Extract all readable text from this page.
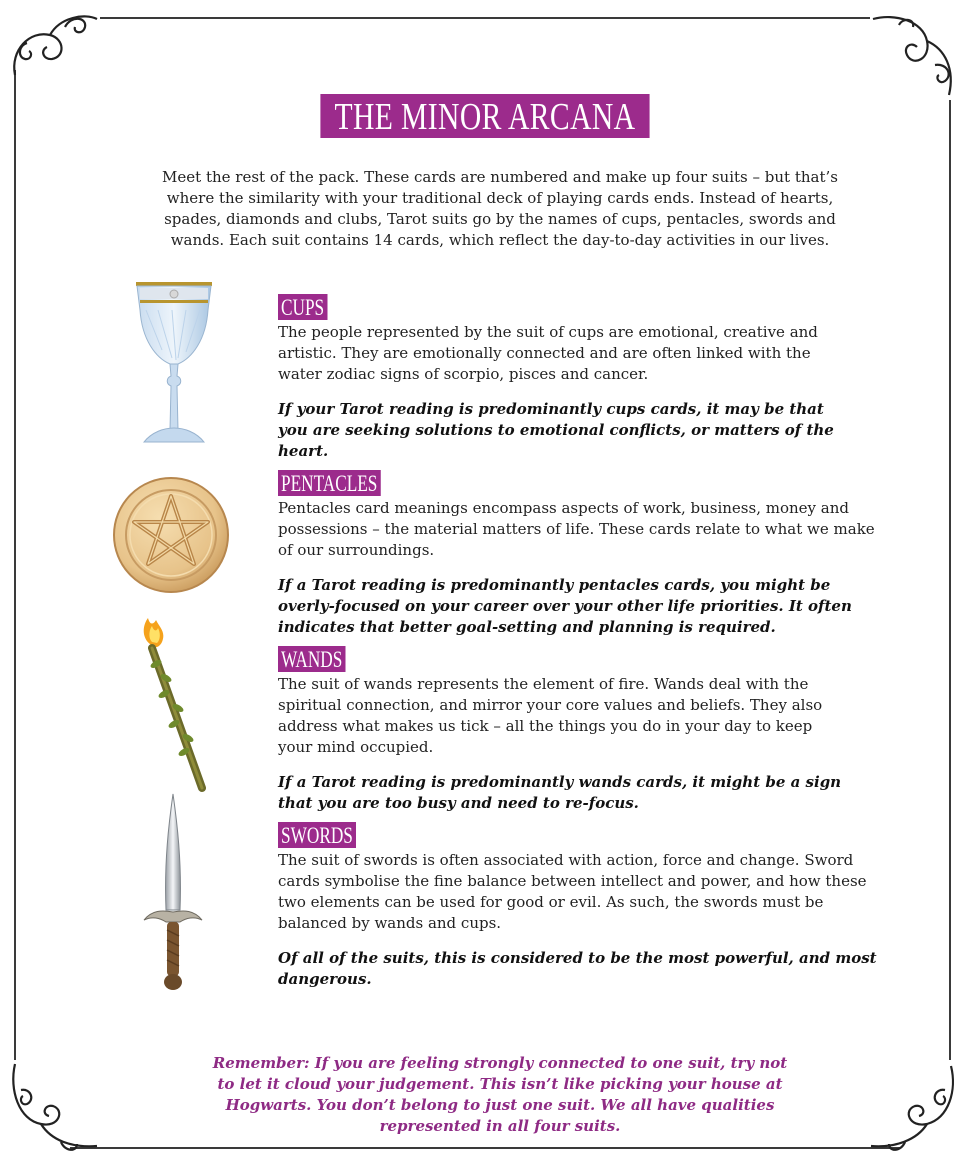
THE MINOR ARCANA

Meet the rest of the pack. These cards are numbered and make up four suits – but that’s where the similarity with your traditional deck of playing cards ends. Instead of hearts, spades, diamonds and clubs, Tarot suits go by the names of cups, pentacles, swords and wands. Each suit contains 14 cards, which reflect the day-to-day activities in our lives.

CUPS

The people represented by the suit of cups are emotional, creative and artistic. They are emotionally connected and are often linked with the water zodiac signs of scorpio, pisces and cancer.

If your Tarot reading is predominantly cups cards, it may be that you are seeking solutions to emotional conflicts, or matters of the heart.

PENTACLES

Pentacles card meanings encompass aspects of work, business, money and possessions – the material matters of life. These cards relate to what we make of our surroundings.

If a Tarot reading is predominantly pentacles cards, you might be overly-focused on your career over your other life priorities. It often indicates that better goal-setting and planning is required.

WANDS

The suit of wands represents the element of fire. Wands deal with the spiritual connection, and mirror your core values and beliefs. They also address what makes us tick – all the things you do in your day to keep your mind occupied.

If a Tarot reading is predominantly wands cards, it might be a sign that you are too busy and need to re-focus.

SWORDS

The suit of swords is often associated with action, force and change. Sword cards symbolise the fine balance between intellect and power, and how these two elements can be used for good or evil. As such, the swords must be balanced by wands and cups.

Of all of the suits, this is considered to be the most powerful, and most dangerous.

Remember: If you are feeling strongly connected to one suit, try not to let it cloud your judgement. This isn’t like picking your house at Hogwarts. You don’t belong to just one suit. We all have qualities represented in all four suits.
